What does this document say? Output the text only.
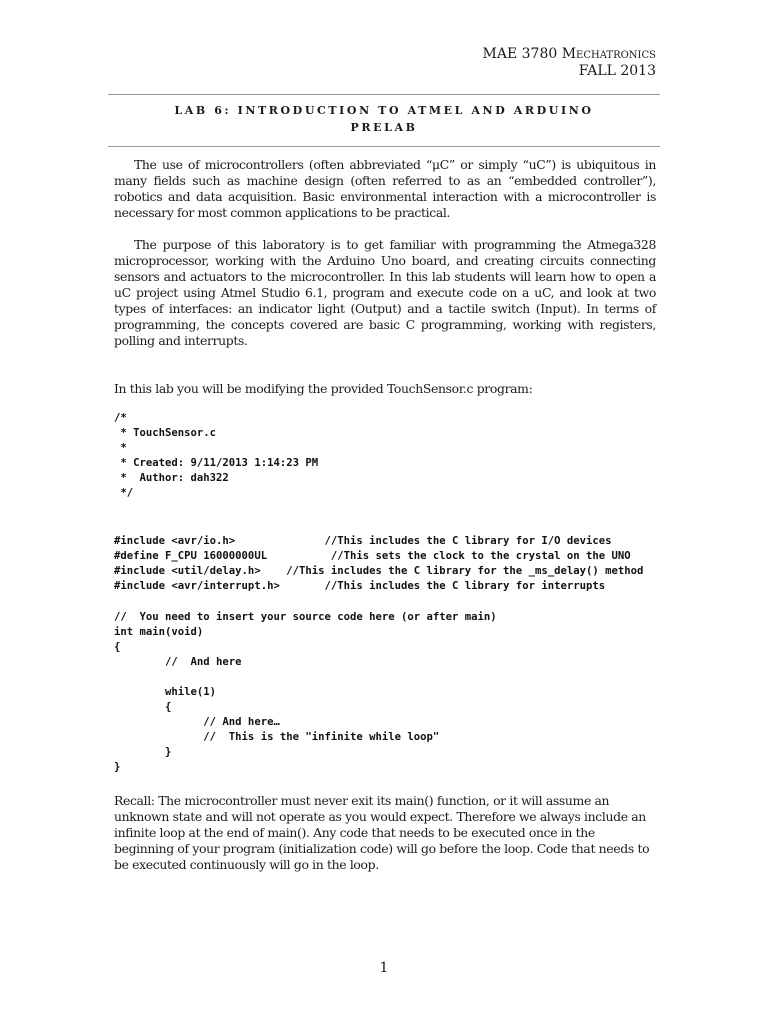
MAE 3780 Mechatronics
FALL 2013
LAB 6: INTRODUCTION TO ATMEL AND ARDUINO
PRELAB

The use of microcontrollers (often abbreviated “μC” or simply “uC”) is ubiquitous in many fields such as machine design (often referred to as an “embedded controller”), robotics and data acquisition. Basic environmental interaction with a microcontroller is necessary for most common applications to be practical.

The purpose of this laboratory is to get familiar with programming the Atmega328 microprocessor, working with the Arduino Uno board, and creating circuits connecting sensors and actuators to the microcontroller. In this lab students will learn how to open a uC project using Atmel Studio 6.1, program and execute code on a uC, and look at two types of interfaces: an indicator light (Output) and a tactile switch (Input). In terms of programming, the concepts covered are basic C programming, working with registers, polling and interrupts.

In this lab you will be modifying the provided TouchSensor.c program:

/*
* TouchSensor.c
*
* Created: 9/11/2013 1:14:23 PM
*  Author: dah322
*/
#include <avr/io.h>              //This includes the C library for I/O devices
#define F_CPU 16000000UL          //This sets the clock to the crystal on the UNO
#include <util/delay.h>    //This includes the C library for the _ms_delay() method
#include <avr/interrupt.h>       //This includes the C library for interrupts
//  You need to insert your source code here (or after main)
int main(void)
{
//  And here

while(1)
{
// And here…
//  This is the "infinite while loop"
}
}

Recall: The microcontroller must never exit its main() function, or it will assume an unknown state and will not operate as you would expect. Therefore we always include an infinite loop at the end of main(). Any code that needs to be executed once in the beginning of your program (initialization code) will go before the loop. Code that needs to be executed continuously will go in the loop.

1
